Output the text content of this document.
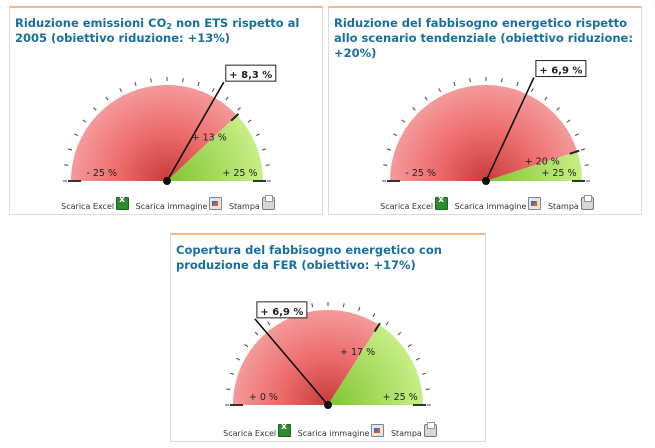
Riduzione emissioni $CO_2$ non ETS rispetto al 2005 (obiettivo riduzione: +13%)
- 25 %
+ 13 %
+ 25 %
+ 8,3 %
Scarica Excel x	Scarica immagine	Stampa
Riduzione del fabbisogno energetico rispetto allo scenario tendenziale (obiettivo riduzione: +20%)
- 25 %
+ 20 %
+ 25 %
+ 6,9 %
Scarica Excel x	Scarica immagine	Stampa
Copertura del fabbisogno energetico con produzione da FER (obiettivo: +17%)
+ 0 %
+ 17 %
+ 25 %
+ 6,9 %
Scarica Excel x	Scarica immagine	Stampa
